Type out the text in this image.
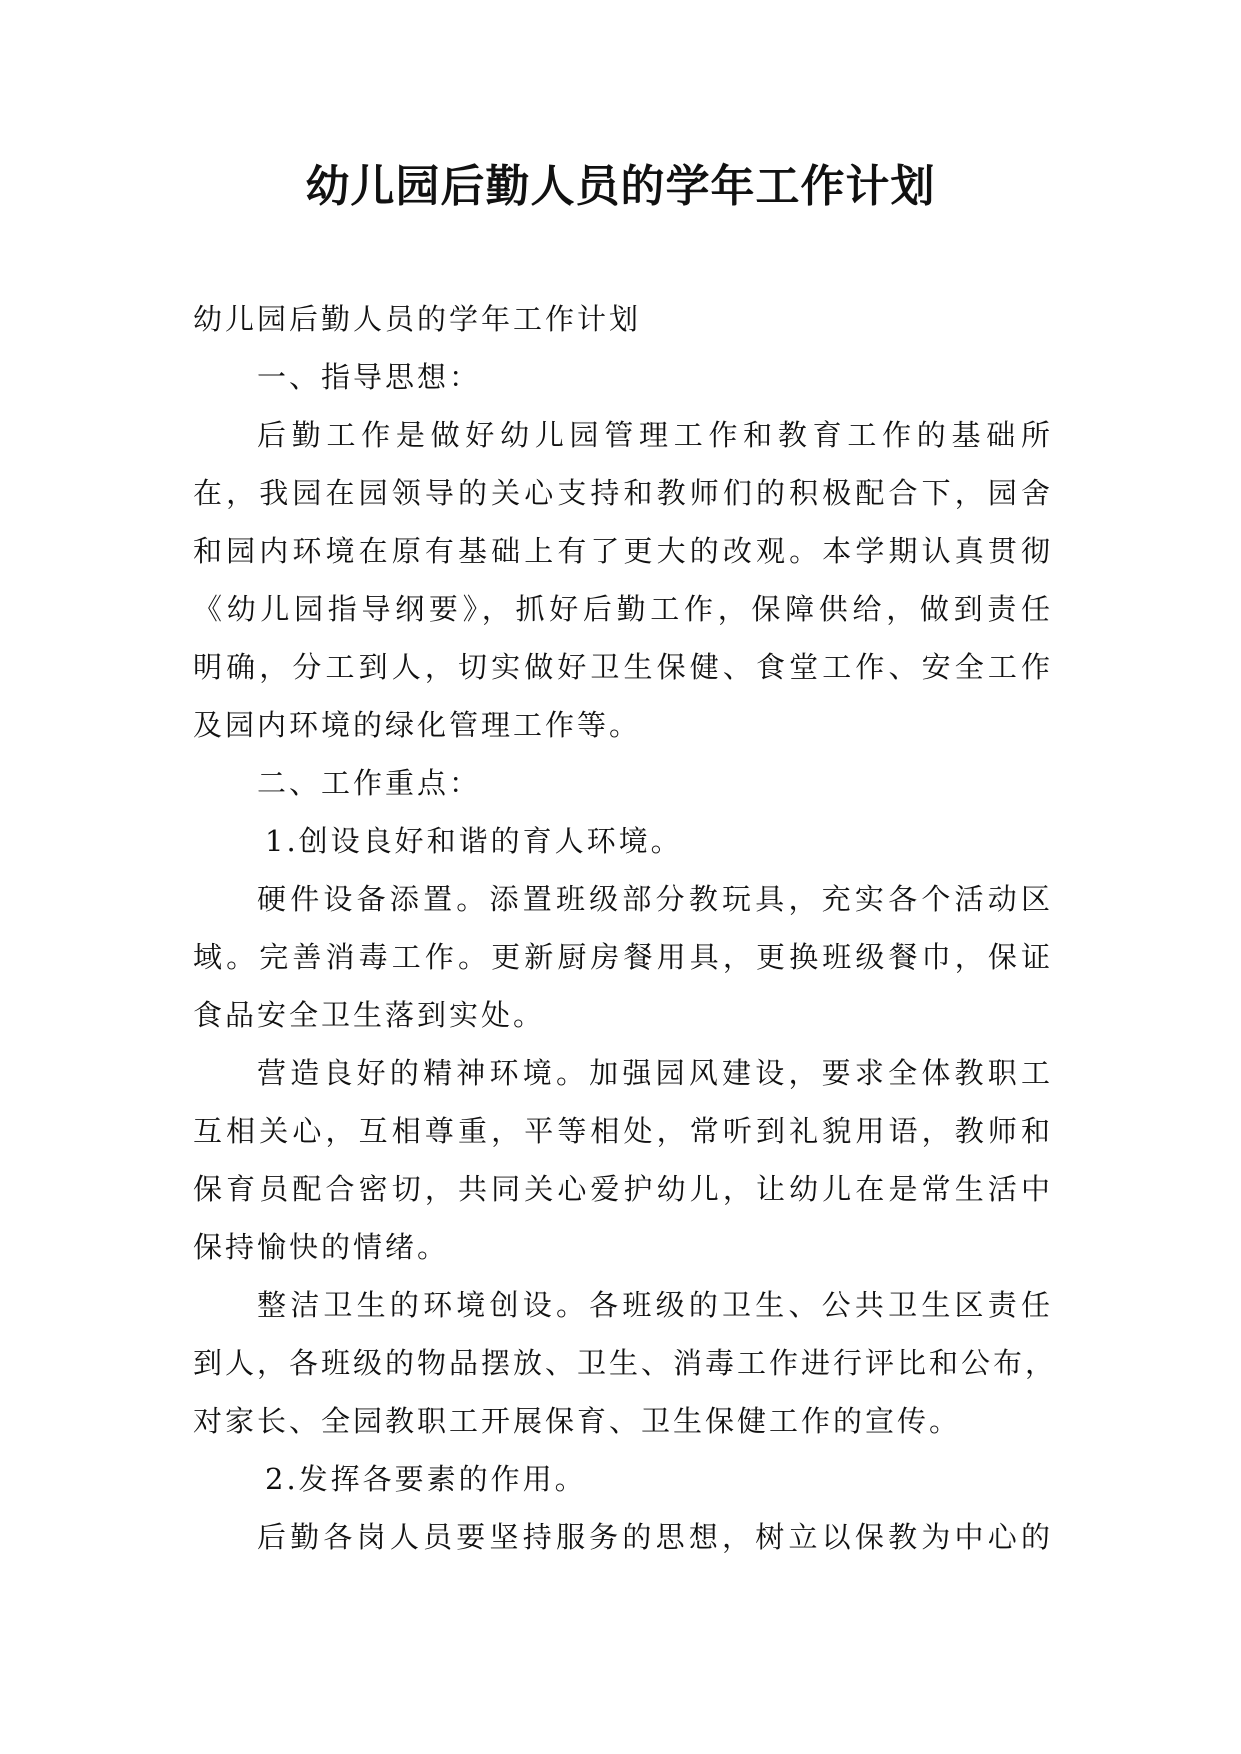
幼儿园后勤人员的学年工作计划
幼儿园后勤人员的学年工作计划
一、指导思想：
后勤工作是做好幼儿园管理工作和教育工作的基础所
在，我园在园领导的关心支持和教师们的积极配合下，园舍
和园内环境在原有基础上有了更大的改观。本学期认真贯彻
《幼儿园指导纲要》，抓好后勤工作，保障供给，做到责任
明确，分工到人，切实做好卫生保健、食堂工作、安全工作
及园内环境的绿化管理工作等。
二、工作重点：
1.创设良好和谐的育人环境。
硬件设备添置。添置班级部分教玩具，充实各个活动区
域。完善消毒工作。更新厨房餐用具，更换班级餐巾，保证
食品安全卫生落到实处。
营造良好的精神环境。加强园风建设，要求全体教职工
互相关心，互相尊重，平等相处，常听到礼貌用语，教师和
保育员配合密切，共同关心爱护幼儿，让幼儿在是常生活中
保持愉快的情绪。
整洁卫生的环境创设。各班级的卫生、公共卫生区责任
到人，各班级的物品摆放、卫生、消毒工作进行评比和公布，
对家长、全园教职工开展保育、卫生保健工作的宣传。
2.发挥各要素的作用。
后勤各岗人员要坚持服务的思想，树立以保教为中心的
